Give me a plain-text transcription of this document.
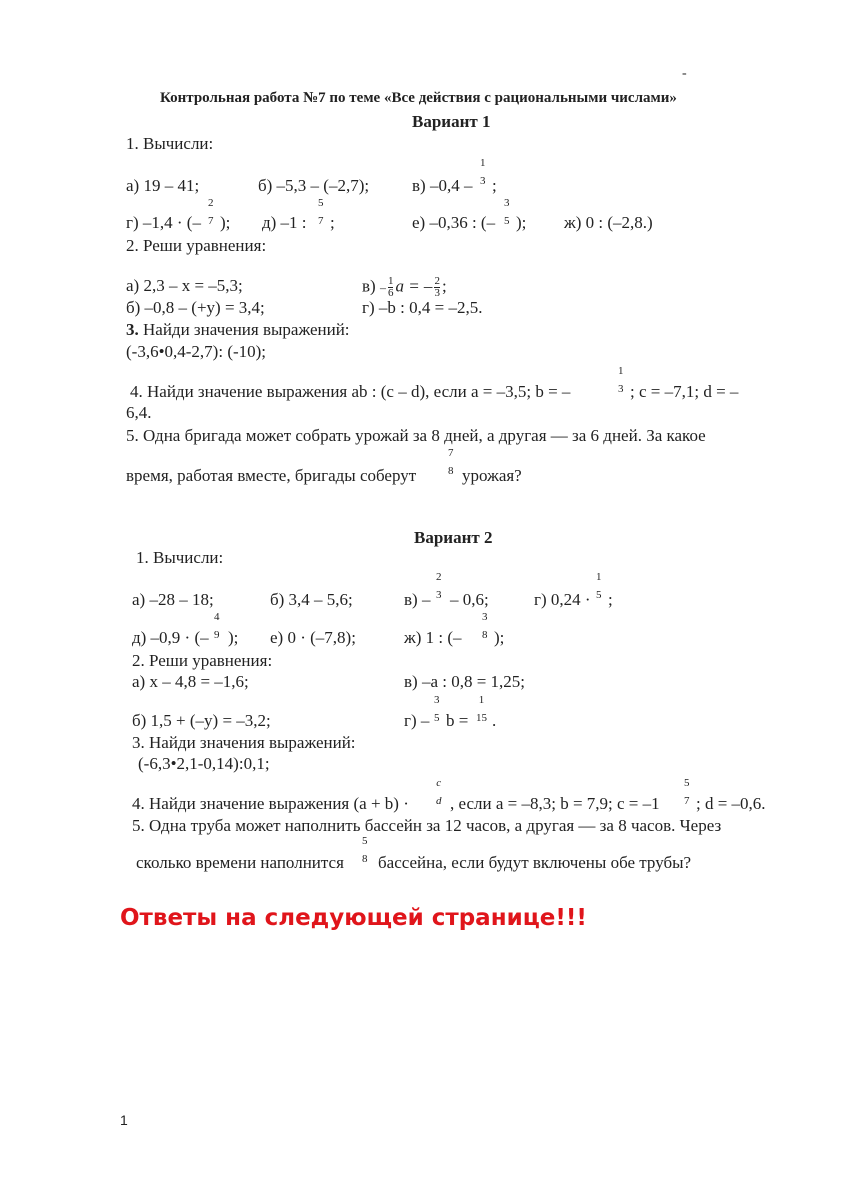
-
Контрольная работа №7 по теме «Все действия с рациональными числами»
Вариант 1
1. Вычисли:
а) 19 – 41;	б) –5,3 – (–2,7);	в) –0,4 –
1
3 ;
г) –1,4 · (–
2
7 ); д) –1 :
5
7 ;	е) –0,36 : (–
3
5 ); ж) 0 : (–2,8.)
2. Реши уравнения:
а) 2,3 – x = –5,3;	$в) - \frac{1}{6}$ a = – $\frac{2}{3}$ ;
б) –0,8 – (+y) = 3,4;	г) –b : 0,4 = –2,5.
3. Найди значения выражений:
(-3,6•0,4-2,7): (-10);
4. Найди значение выражения ab : (c – d), если a = –3,5; b = –
1
3 ; c = –7,1; d = –
6,4.
5. Одна бригада может собрать урожай за 8 дней, а другая — за 6 дней. За какое
время, работая вместе, бригады соберут
7
8 урожая?
Вариант 2
1. Вычисли:
а) –28 – 18;	б) 3,4 – 5,6;	в) –
2
3 – 0,6;	г) 0,24 ·
1
5 ;
д) –0,9 · (–
4
9 ); е) 0 · (–7,8);	ж) 1 : (–
3
8 );
2. Реши уравнения:
а) x – 4,8 = –1,6;	в) –a : 0,8 = 1,25;
б) 1,5 + (–y) = –3,2;	г) –
3
5 b =
1
15 .
3. Найди значения выражений:
(-6,3•2,1-0,14):0,1;
4. Найди значение выражения (a + b) ·
c
d , если a = –8,3; b = 7,9; c = –1
5
7 ; d = –0,6.
5. Одна труба может наполнить бассейн за 12 часов, а другая — за 8 часов. Через
сколько времени наполнится
5
8 бассейна, если будут включены обе трубы?
Ответы на следующей странице!!!
1
